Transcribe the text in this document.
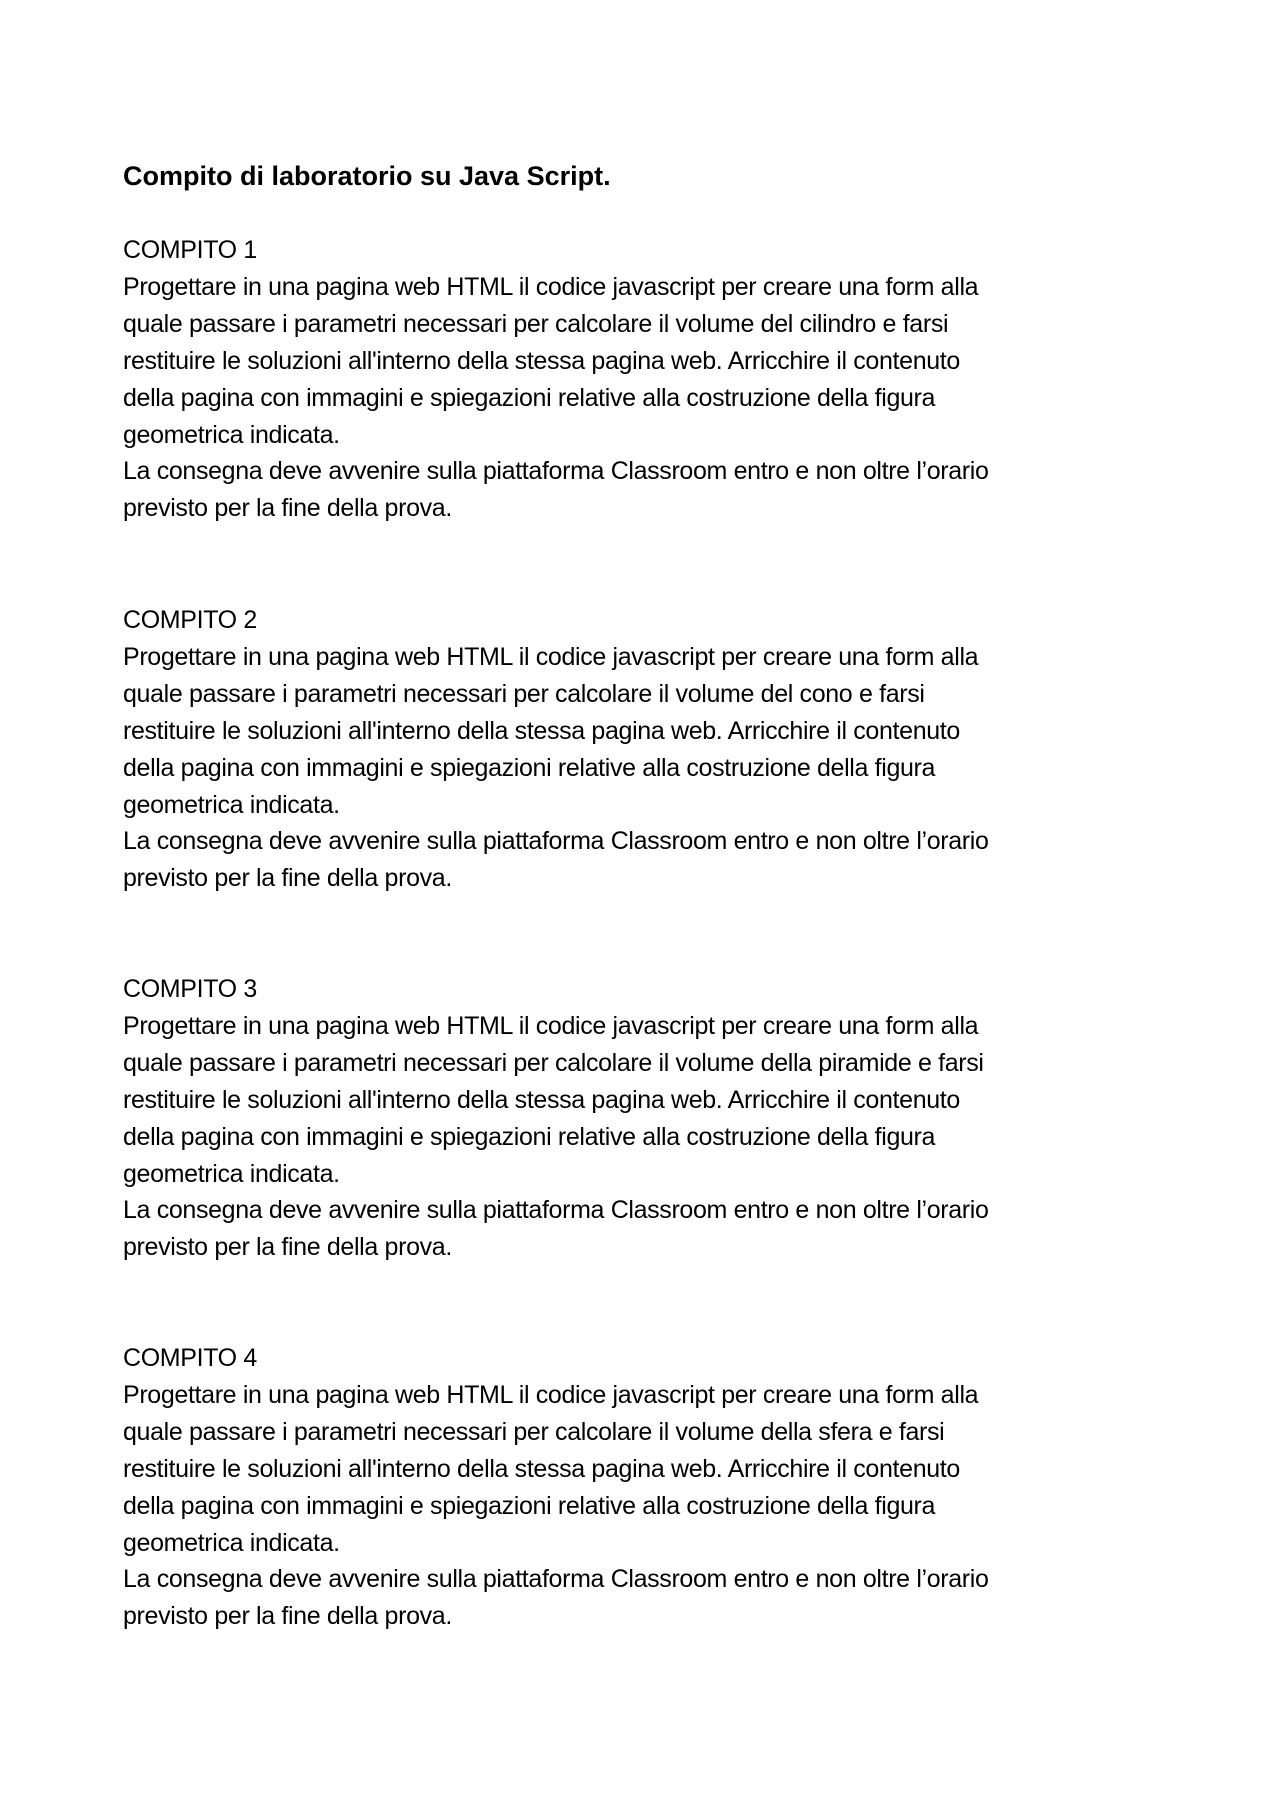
Compito di laboratorio su Java Script.
COMPITO 1
Progettare in una pagina web HTML il codice javascript per creare una form alla
quale passare i parametri necessari per calcolare il volume del cilindro e farsi
restituire le soluzioni all'interno della stessa pagina web. Arricchire il contenuto
della pagina con immagini e spiegazioni relative alla costruzione della figura
geometrica indicata.
La consegna deve avvenire sulla piattaforma Classroom entro e non oltre l’orario
previsto per la fine della prova.
COMPITO 2
Progettare in una pagina web HTML il codice javascript per creare una form alla
quale passare i parametri necessari per calcolare il volume del cono e farsi
restituire le soluzioni all'interno della stessa pagina web. Arricchire il contenuto
della pagina con immagini e spiegazioni relative alla costruzione della figura
geometrica indicata.
La consegna deve avvenire sulla piattaforma Classroom entro e non oltre l’orario
previsto per la fine della prova.
COMPITO 3
Progettare in una pagina web HTML il codice javascript per creare una form alla
quale passare i parametri necessari per calcolare il volume della piramide e farsi
restituire le soluzioni all'interno della stessa pagina web. Arricchire il contenuto
della pagina con immagini e spiegazioni relative alla costruzione della figura
geometrica indicata.
La consegna deve avvenire sulla piattaforma Classroom entro e non oltre l’orario
previsto per la fine della prova.
COMPITO 4
Progettare in una pagina web HTML il codice javascript per creare una form alla
quale passare i parametri necessari per calcolare il volume della sfera e farsi
restituire le soluzioni all'interno della stessa pagina web. Arricchire il contenuto
della pagina con immagini e spiegazioni relative alla costruzione della figura
geometrica indicata.
La consegna deve avvenire sulla piattaforma Classroom entro e non oltre l’orario
previsto per la fine della prova.
